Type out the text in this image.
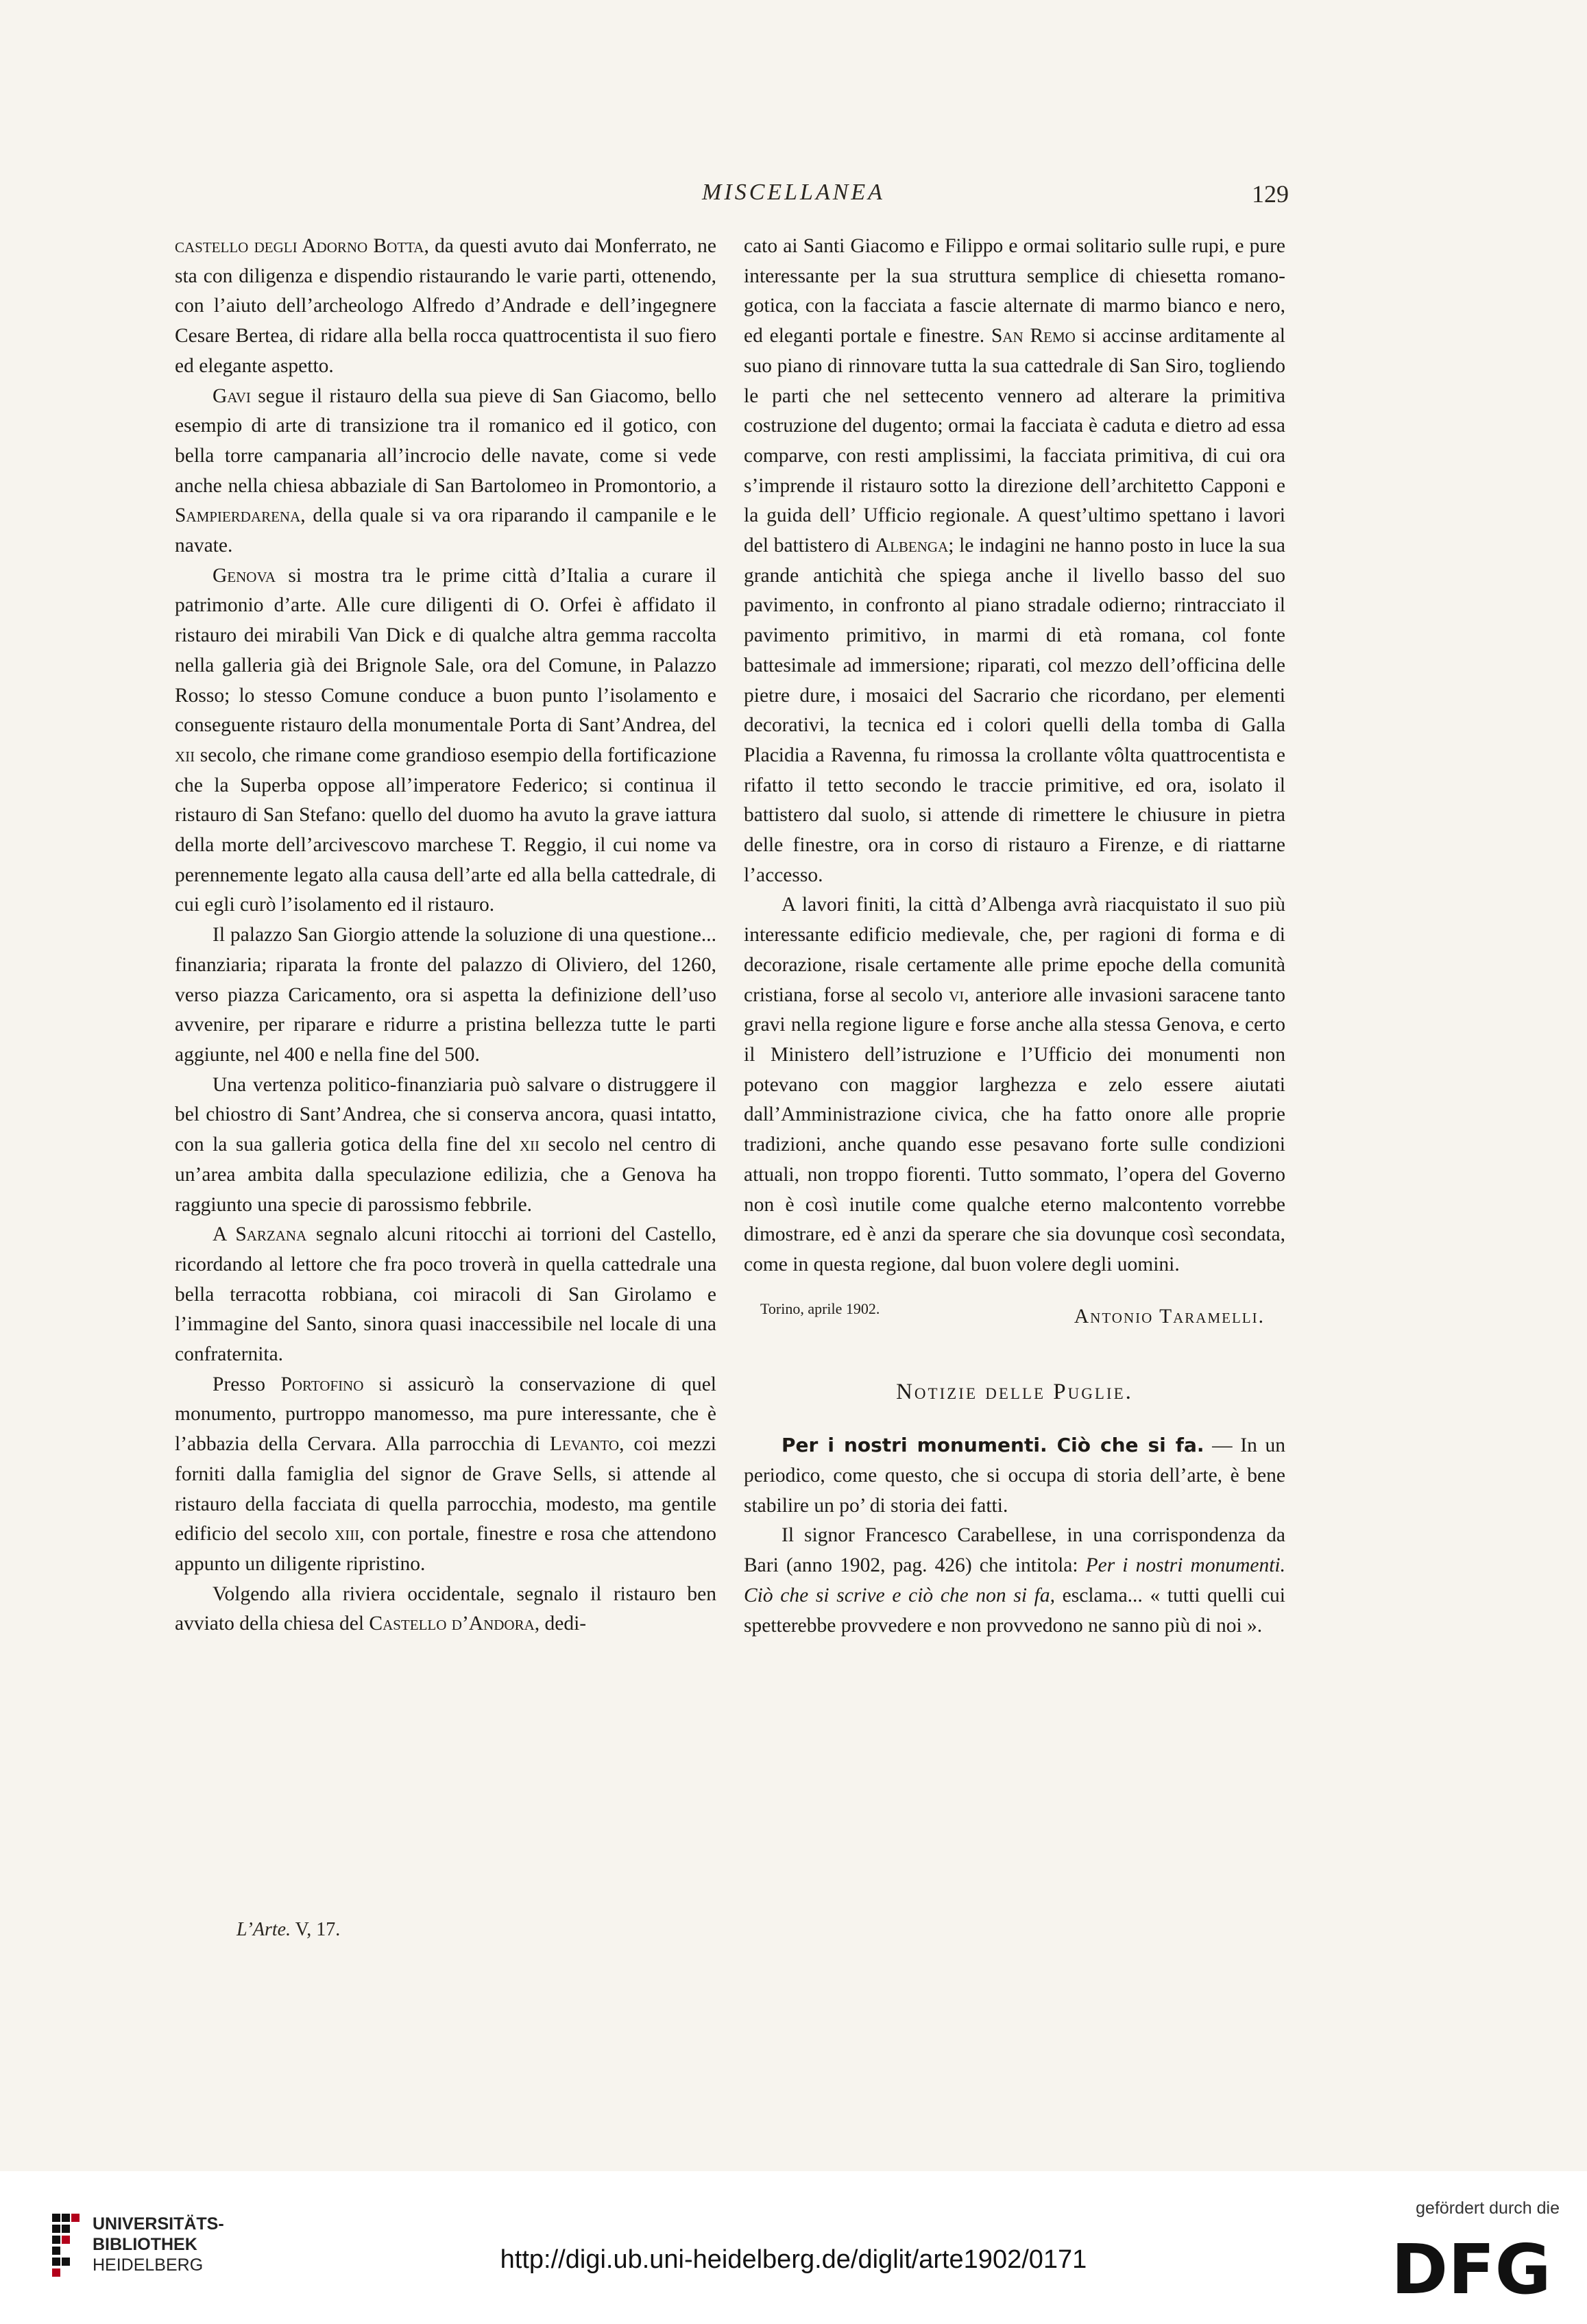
MISCELLANEA	129

castello degli Adorno Botta, da questi avuto dai Monferrato, ne sta con diligenza e dispendio ristaurando le varie parti, ottenendo, con l’aiuto dell’archeologo Alfredo d’Andrade e dell’ingegnere Cesare Bertea, di ridare alla bella rocca quattrocentista il suo fiero ed elegante aspetto.

Gavi segue il ristauro della sua pieve di San Giacomo, bello esempio di arte di transizione tra il romanico ed il gotico, con bella torre campanaria all’incrocio delle navate, come si vede anche nella chiesa abbaziale di San Bartolomeo in Promontorio, a Sampierdarena, della quale si va ora riparando il campanile e le navate.

Genova si mostra tra le prime città d’Italia a curare il patrimonio d’arte. Alle cure diligenti di O. Orfei è affidato il ristauro dei mirabili Van Dick e di qualche altra gemma raccolta nella galleria già dei Brignole Sale, ora del Comune, in Palazzo Rosso; lo stesso Comune conduce a buon punto l’isolamento e conseguente ristauro della monumentale Porta di Sant’Andrea, del xii secolo, che rimane come grandioso esempio della fortificazione che la Superba oppose all’imperatore Federico; si continua il ristauro di San Stefano: quello del duomo ha avuto la grave iattura della morte dell’arcivescovo marchese T. Reggio, il cui nome va perennemente legato alla causa dell’arte ed alla bella cattedrale, di cui egli curò l’isolamento ed il ristauro.

Il palazzo San Giorgio attende la soluzione di una questione... finanziaria; riparata la fronte del palazzo di Oliviero, del 1260, verso piazza Caricamento, ora si aspetta la definizione dell’uso avvenire, per riparare e ridurre a pristina bellezza tutte le parti aggiunte, nel 400 e nella fine del 500.

Una vertenza politico-finanziaria può salvare o distruggere il bel chiostro di Sant’Andrea, che si conserva ancora, quasi intatto, con la sua galleria gotica della fine del xii secolo nel centro di un’area ambita dalla speculazione edilizia, che a Genova ha raggiunto una specie di parossismo febbrile.

A Sarzana segnalo alcuni ritocchi ai torrioni del Castello, ricordando al lettore che fra poco troverà in quella cattedrale una bella terracotta robbiana, coi miracoli di San Girolamo e l’immagine del Santo, sinora quasi inaccessibile nel locale di una confraternita.

Presso Portofino si assicurò la conservazione di quel monumento, purtroppo manomesso, ma pure interessante, che è l’abbazia della Cervara. Alla parrocchia di Levanto, coi mezzi forniti dalla famiglia del signor de Grave Sells, si attende al ristauro della facciata di quella parrocchia, modesto, ma gentile edificio del secolo xiii, con portale, finestre e rosa che attendono appunto un diligente ripristino.

Volgendo alla riviera occidentale, segnalo il ristauro ben avviato della chiesa del Castello d’Andora, dedi-

cato ai Santi Giacomo e Filippo e ormai solitario sulle rupi, e pure interessante per la sua struttura semplice di chiesetta romano-gotica, con la facciata a fascie alternate di marmo bianco e nero, ed eleganti portale e finestre. San Remo si accinse arditamente al suo piano di rinnovare tutta la sua cattedrale di San Siro, togliendo le parti che nel settecento vennero ad alterare la primitiva costruzione del dugento; ormai la facciata è caduta e dietro ad essa comparve, con resti amplissimi, la facciata primitiva, di cui ora s’imprende il ristauro sotto la direzione dell’architetto Capponi e la guida dell’ Ufficio regionale. A quest’ultimo spettano i lavori del battistero di Albenga; le indagini ne hanno posto in luce la sua grande antichità che spiega anche il livello basso del suo pavimento, in confronto al piano stradale odierno; rintracciato il pavimento primitivo, in marmi di età romana, col fonte battesimale ad immersione; riparati, col mezzo dell’officina delle pietre dure, i mosaici del Sacrario che ricordano, per elementi decorativi, la tecnica ed i colori quelli della tomba di Galla Placidia a Ravenna, fu rimossa la crollante vôlta quattrocentista e rifatto il tetto secondo le traccie primitive, ed ora, isolato il battistero dal suolo, si attende di rimettere le chiusure in pietra delle finestre, ora in corso di ristauro a Firenze, e di riattarne l’accesso.

A lavori finiti, la città d’Albenga avrà riacquistato il suo più interessante edificio medievale, che, per ragioni di forma e di decorazione, risale certamente alle prime epoche della comunità cristiana, forse al secolo vi, anteriore alle invasioni saracene tanto gravi nella regione ligure e forse anche alla stessa Genova, e certo il Ministero dell’istruzione e l’Ufficio dei monumenti non potevano con maggior larghezza e zelo essere aiutati dall’Amministrazione civica, che ha fatto onore alle proprie tradizioni, anche quando esse pesavano forte sulle condizioni attuali, non troppo fiorenti. Tutto sommato, l’opera del Governo non è così inutile come qualche eterno malcontento vorrebbe dimostrare, ed è anzi da sperare che sia dovunque così secondata, come in questa regione, dal buon volere degli uomini.

Torino, aprile 1902.	Antonio Taramelli.
Notizie delle Puglie.

Per i nostri monumenti. Ciò che si fa. — In un periodico, come questo, che si occupa di storia dell’arte, è bene stabilire un po’ di storia dei fatti.

Il signor Francesco Carabellese, in una corrispondenza da Bari (anno 1902, pag. 426) che intitola: Per i nostri monumenti. Ciò che si scrive e ciò che non si fa, esclama... « tutti quelli cui spetterebbe provvedere e non provvedono ne sanno più di noi ».

L’Arte. V, 17.
UNIVERSITÄTS-
BIBLIOTHEK
HEIDELBERG	http://digi.ub.uni-heidelberg.de/diglit/arte1902/0171
gefördert durch die
DFG
